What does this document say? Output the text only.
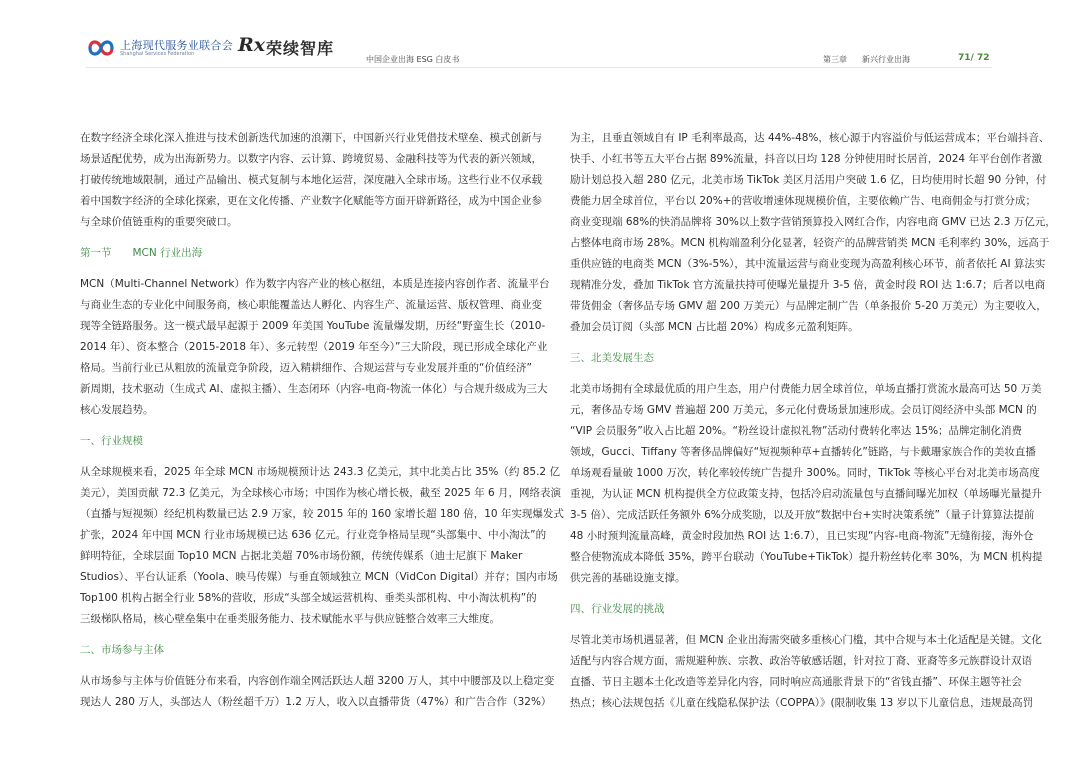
上海现代服务业联合会
Shanghai Services Federation Rx 荣续智库
中国企业出海 ESG 白皮书	第三章 新兴行业出海	71/ 72
在数字经济全球化深入推进与技术创新迭代加速的浪潮下，中国新兴行业凭借技术壁垒、模式创新与
场景适配优势，成为出海新势力。以数字内容、云计算、跨境贸易、金融科技等为代表的新兴领域，
打破传统地域限制，通过产品输出、模式复制与本地化运营，深度融入全球市场。这些行业不仅承载
着中国数字经济的全球化探索，更在文化传播、产业数字化赋能等方面开辟新路径，成为中国企业参
与全球价值链重构的重要突破口。
第一节　　MCN 行业出海
MCN（Multi-Channel Network）作为数字内容产业的核心枢纽，本质是连接内容创作者、流量平台
与商业生态的专业化中间服务商，核心职能覆盖达人孵化、内容生产、流量运营、版权管理、商业变
现等全链路服务。这一模式最早起源于 2009 年美国 YouTube 流量爆发期，历经“野蛮生长（2010-
2014 年）、资本整合（2015-2018 年）、多元转型（2019 年至今）”三大阶段，现已形成全球化产业
格局。当前行业已从粗放的流量竞争阶段，迈入精耕细作、合规运营与专业发展并重的“价值经济”
新周期，技术驱动（生成式 AI、虚拟主播）、生态闭环（内容-电商-物流一体化）与合规升级成为三大
核心发展趋势。
一、行业规模
从全球规模来看，2025 年全球 MCN 市场规模预计达 243.3 亿美元，其中北美占比 35%（约 85.2 亿
美元），美国贡献 72.3 亿美元，为全球核心市场；中国作为核心增长极，截至 2025 年 6 月，网络表演
（直播与短视频）经纪机构数量已达 2.9 万家，较 2015 年的 160 家增长超 180 倍，10 年实现爆发式
扩张，2024 年中国 MCN 行业市场规模已达 636 亿元。行业竞争格局呈现“头部集中、中小淘汰”的
鲜明特征，全球层面 Top10 MCN 占据北美超 70%市场份额，传统传媒系（迪士尼旗下 Maker
Studios）、平台认证系（Yoola、映马传媒）与垂直领域独立 MCN（VidCon Digital）并存；国内市场
Top100 机构占据全行业 58%的营收，形成“头部全域运营机构、垂类头部机构、中小淘汰机构”的
三级梯队格局，核心壁垒集中在垂类服务能力、技术赋能水平与供应链整合效率三大维度。
二、市场参与主体
从市场参与主体与价值链分布来看，内容创作端全网活跃达人超 3200 万人，其中中腰部及以上稳定变
现达人 280 万人，头部达人（粉丝超千万）1.2 万人，收入以直播带货（47%）和广告合作（32%）
为主，且垂直领域自有 IP 毛利率最高，达 44%-48%，核心源于内容溢价与低运营成本；平台端抖音、
快手、小红书等五大平台占据 89%流量，抖音以日均 128 分钟使用时长居首，2024 年平台创作者激
励计划总投入超 280 亿元，北美市场 TikTok 美区月活用户突破 1.6 亿，日均使用时长超 90 分钟，付
费能力居全球首位，平台以 20%+的营收增速体现规模价值，主要依赖广告、电商佣金与打赏分成；
商业变现端 68%的快消品牌将 30%以上数字营销预算投入网红合作，内容电商 GMV 已达 2.3 万亿元，
占整体电商市场 28%。MCN 机构端盈利分化显著，轻资产的品牌营销类 MCN 毛利率约 30%，远高于
重供应链的电商类 MCN（3%-5%），其中流量运营与商业变现为高盈利核心环节，前者依托 AI 算法实
现精准分发，叠加 TikTok 官方流量扶持可使曝光量提升 3-5 倍，黄金时段 ROI 达 1:6.7；后者以电商
带货佣金（奢侈品专场 GMV 超 200 万美元）与品牌定制广告（单条报价 5-20 万美元）为主要收入，
叠加会员订阅（头部 MCN 占比超 20%）构成多元盈利矩阵。
三、北美发展生态
北美市场拥有全球最优质的用户生态，用户付费能力居全球首位，单场直播打赏流水最高可达 50 万美
元，奢侈品专场 GMV 普遍超 200 万美元，多元化付费场景加速形成。会员订阅经济中头部 MCN 的
“VIP 会员服务”收入占比超 20%。“粉丝设计虚拟礼物”活动付费转化率达 15%；品牌定制化消费
领域，Gucci、Tiffany 等奢侈品牌偏好“短视频种草+直播转化”链路，与卡戴珊家族合作的美妆直播
单场观看量破 1000 万次，转化率较传统广告提升 300%。同时，TikTok 等核心平台对北美市场高度
重视，为认证 MCN 机构提供全方位政策支持，包括冷启动流量包与直播间曝光加权（单场曝光量提升
3-5 倍）、完成活跃任务额外 6%分成奖励，以及开放“数据中台+实时决策系统”（量子计算算法提前
48 小时预判流量高峰，黄金时段加热 ROI 达 1:6.7），且已实现“内容-电商-物流”无缝衔接，海外仓
整合使物流成本降低 35%，跨平台联动（YouTube+TikTok）提升粉丝转化率 30%，为 MCN 机构提
供完善的基础设施支撑。
四、行业发展的挑战
尽管北美市场机遇显著，但 MCN 企业出海需突破多重核心门槛，其中合规与本土化适配是关键。文化
适配与内容合规方面，需规避种族、宗教、政治等敏感话题，针对拉丁裔、亚裔等多元族群设计双语
直播、节日主题本土化改造等差异化内容，同时响应高通胀背景下的“省钱直播”、环保主题等社会
热点；核心法规包括《儿童在线隐私保护法（COPPA）》(限制收集 13 岁以下儿童信息，违规最高罚
